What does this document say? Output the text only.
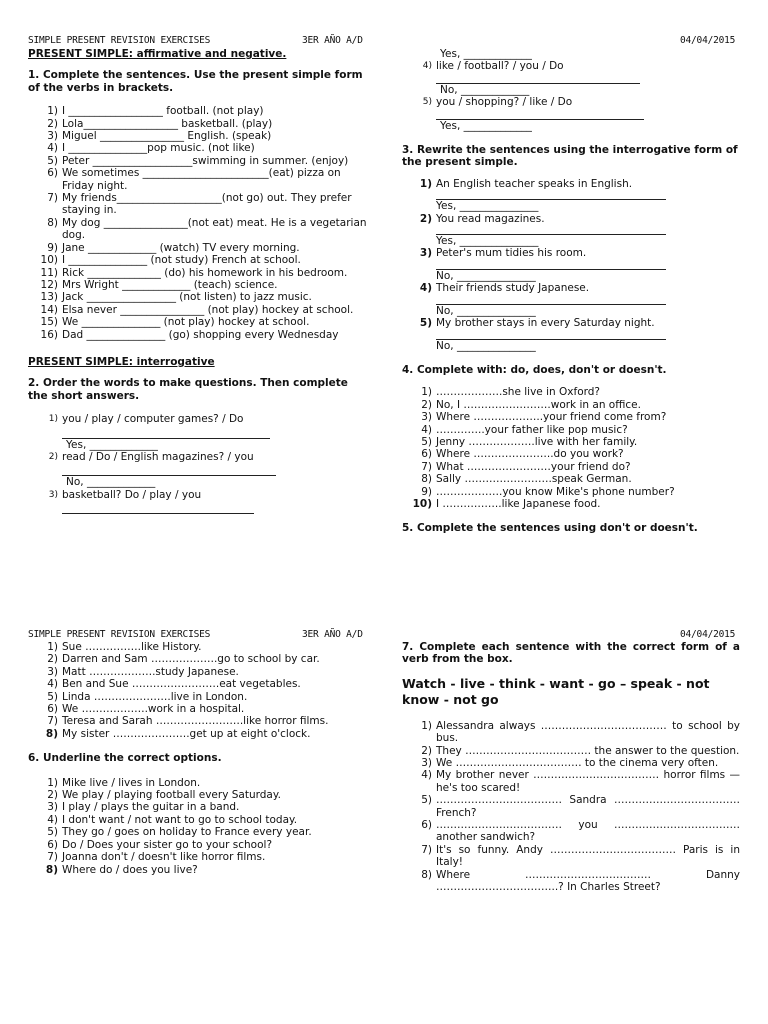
SIMPLE PRESENT REVISION EXERCISES	3ER AÑO A/D	04/04/2015

PRESENT SIMPLE: affirmative and negative.

1. Complete the sentences. Use the present simple form of the verbs in brackets.

1) I __________________ football. (not play)
2) Lola__________________ basketball. (play)
3) Miguel ________________ English. (speak)
4) I _______________pop music. (not like)
5) Peter ___________________swimming in summer. (enjoy)
6) We sometimes ________________________(eat) pizza on Friday night.
7) My friends____________________(not go) out. They prefer staying in.
8) My dog ________________(not eat) meat. He is a vegetarian dog.
9) Jane _____________ (watch) TV every morning.
10) I _______________ (not study) French at school.
11) Rick ______________ (do) his homework in his bedroom.
12) Mrs Wright _____________ (teach) science.
13) Jack _________________ (not listen) to jazz music.
14) Elsa never ________________ (not play) hockey at school.
15) We _______________ (not play) hockey at school.
16) Dad _______________ (go) shopping every Wednesday

PRESENT SIMPLE: interrogative

2. Order the words to make questions. Then complete the short answers.

1) you / play / computer games? / Do
Yes, _____________
2) read / Do / English magazines? / you
No, _____________
3) basketball? Do / play / you
Yes, _____________
4) like / football? / you / Do
No, _____________
5) you / shopping? / like / Do
Yes, _____________

3. Rewrite the sentences using the interrogative form of the present simple.

1) An English teacher speaks in English.
Yes, _______________
2) You read magazines.
Yes, _______________
3) Peter's mum tidies his room.
No, _______________
4) Their friends study Japanese.
No, _______________
5) My brother stays in every Saturday night.
No, _______________

4. Complete with: do, does, don't or doesn't.

1) ……………….she live in Oxford?
2) No, I …………………….work in an office.
3) Where ………………..your friend come from?
4) …………..your father like pop music?
5) Jenny ……………….live with her family.
6) Where …………………..do you work?
7) What ……………………your friend do?
8) Sally …………………….speak German.
9) ……………….you know Mike's phone number?
10) I ……………..like Japanese food.

5. Complete the sentences using don't or doesn't.

SIMPLE PRESENT REVISION EXERCISES	3ER AÑO A/D	04/04/2015
1) Sue …………….like History.
2) Darren and Sam ……………….go to school by car.
3) Matt ……………….study Japanese.
4) Ben and Sue …………………….eat vegetables.
5) Linda ………………….live in London.
6) We ……………….work in a hospital.
7) Teresa and Sarah …………………….like horror films.
8) My sister ………………….get up at eight o'clock.

6. Underline the correct options.

1) Mike live / lives in London.
2) We play / playing football every Saturday.
3) I play / plays the guitar in a band.
4) I don't want / not want to go to school today.
5) They go / goes on holiday to France every year.
6) Do / Does your sister go to your school?
7) Joanna don't / doesn't like horror films.
8) Where do / does you live?

7. Complete each sentence with the correct form of a verb from the box.

Watch - live - think - want - go – speak - not know - not go

1) Alessandra always ……………………………… to school by bus.
2) They ……………………………… the answer to the question.
3) We ……………………………… to the cinema very often.
4) My brother never ……………………………… horror films — he's too scared!
5) ……………………………… Sandra ……………………………… French?
6) ……………………………… you ……………………………… another sandwich?
7) It's so funny. Andy ……………………………… Paris is in Italy!
8) Where ……………………………… Danny ……………………………..? In Charles Street?
